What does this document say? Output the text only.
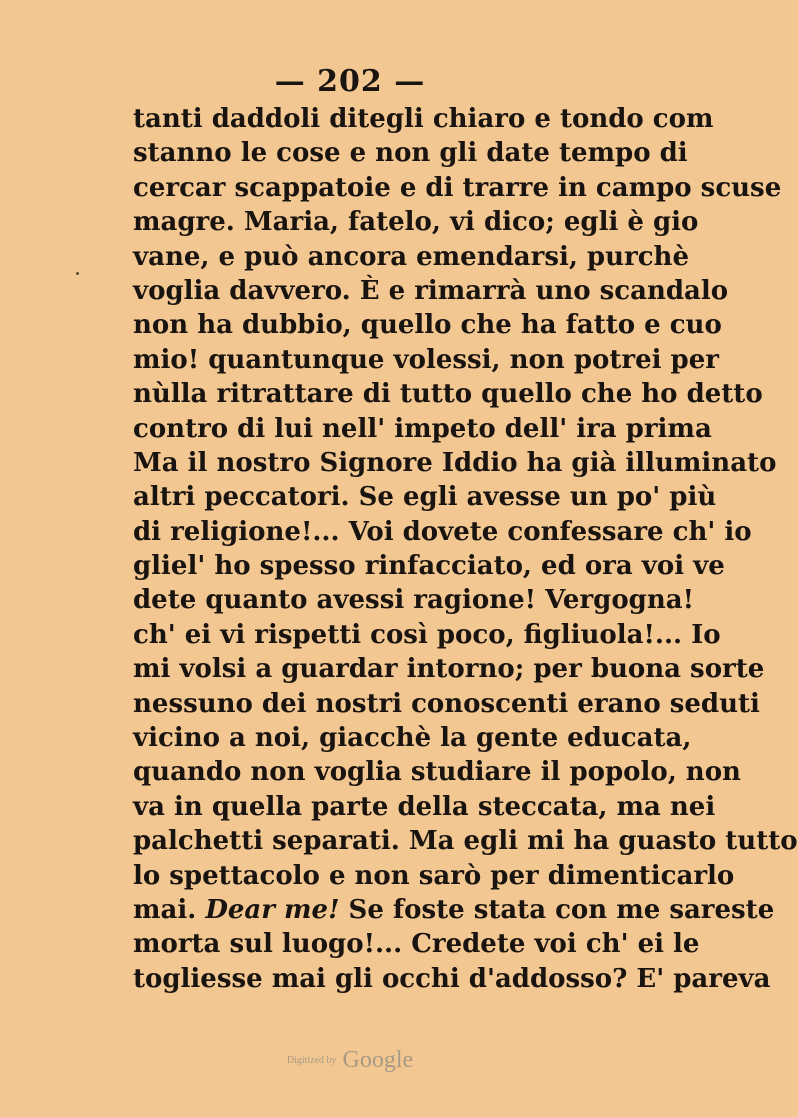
— 202 —
tanti daddoli ditegli chiaro e tondo com
stanno le cose e non gli date tempo di
cercar scappatoie e di trarre in campo scuse
magre. Maria, fatelo, vi dico; egli è gio
vane, e può ancora emendarsi, purchè
voglia davvero. È e rimarrà uno scandalo
non ha dubbio, quello che ha fatto e cuo
mio! quantunque volessi, non potrei per
nùlla ritrattare di tutto quello che ho detto
contro di lui nell' impeto dell' ira prima
Ma il nostro Signore Iddio ha già illuminato
altri peccatori. Se egli avesse un po' più
di religione!... Voi dovete confessare ch' io
gliel' ho spesso rinfacciato, ed ora voi ve
dete quanto avessi ragione! Vergogna!
ch' ei vi rispetti così poco, figliuola!... Io
mi volsi a guardar intorno; per buona sorte
nessuno dei nostri conoscenti erano seduti
vicino a noi, giacchè la gente educata,
quando non voglia studiare il popolo, non
va in quella parte della steccata, ma nei
palchetti separati. Ma egli mi ha guasto tutto
lo spettacolo e non sarò per dimenticarlo
mai. Dear me! Se foste stata con me sareste
morta sul luogo!... Credete voi ch' ei le
togliesse mai gli occhi d'addosso? E' pareva
Digitized by Google
